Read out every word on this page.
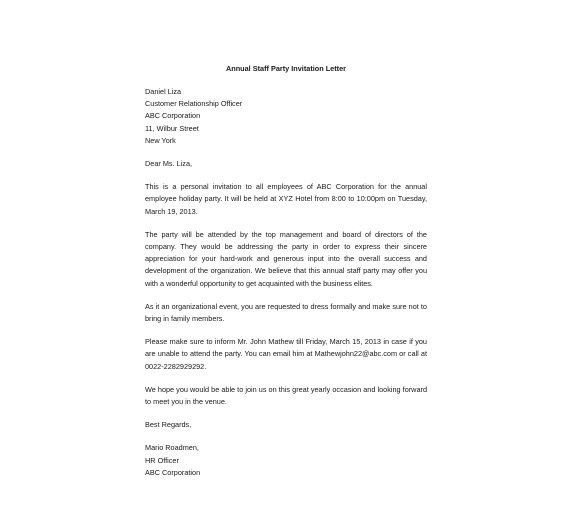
Annual Staff Party Invitation Letter

Daniel Liza

Customer Relationship Officer

ABC Corporation

11, Wilbur Street

New York

Dear Ms. Liza,

This is a personal invitation to all employees of ABC Corporation for the annual employee holiday party. It will be held at XYZ Hotel from 8:00 to 10:00pm on Tuesday, March 19, 2013.

The party will be attended by the top management and board of directors of the company. They would be addressing the party in order to express their sincere appreciation for your hard-work and generous input into the overall success and development of the organization. We believe that this annual staff party may offer you with a wonderful opportunity to get acquainted with the business elites.

As it an organizational event, you are requested to dress formally and make sure not to bring in family members.

Please make sure to inform Mr. John Mathew till Friday, March 15, 2013 in case if you are unable to attend the party. You can email him at Mathewjohn22@abc.com or call at 0022-2282929292.

We hope you would be able to join us on this great yearly occasion and looking forward to meet you in the venue.

Best Regards,

Mario Roadmen,

HR Officer

ABC Corporation
